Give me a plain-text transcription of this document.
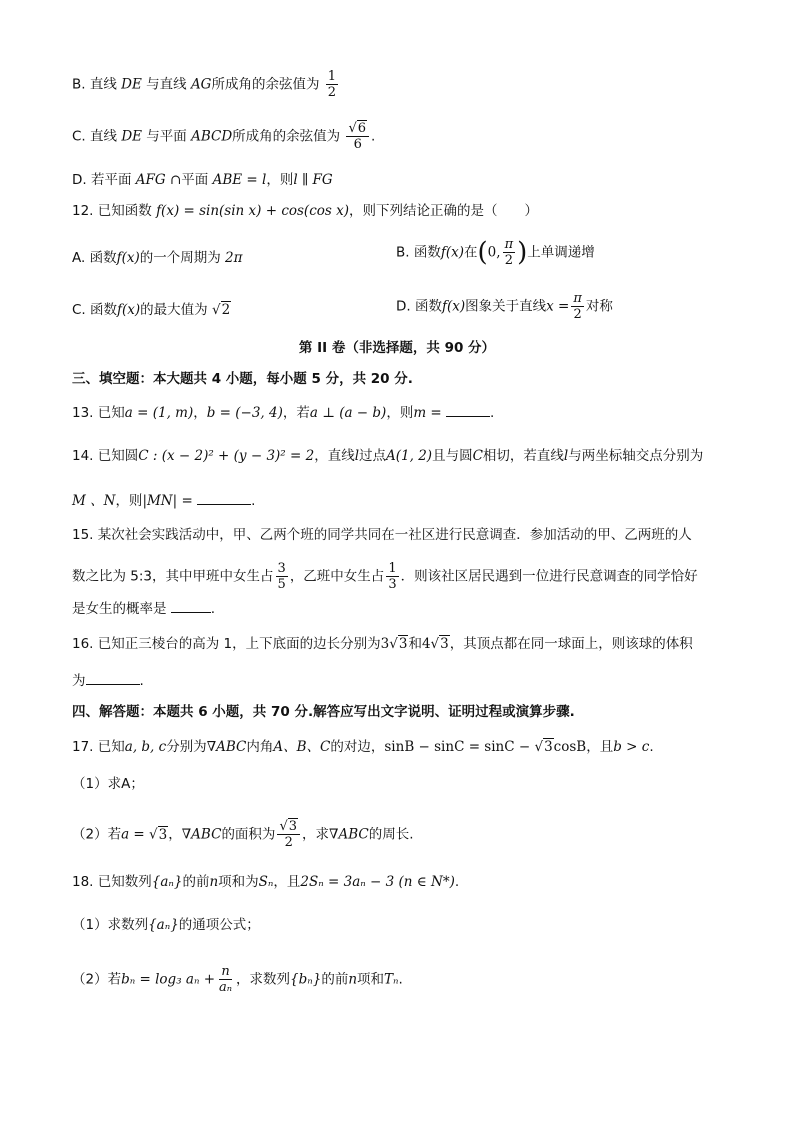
B. 直线 DE 与直线 AG所成角的余弦值为 $\frac{1}{2}$
C. 直线 DE 与平面 ABCD所成角的余弦值为 $\frac{√6}{6}$ .
D. 若平面 AFG ∩平面 ABE = l，则l ∥ FG
12. 已知函数 f(x) = sin(sin x) + cos(cos x)，则下列结论正确的是（　　）
A. 函数f(x)的一个周期为 2π	B. 函数f(x)在(0, $\frac{\pi}{2}$ )上单调递增
C. 函数f(x)的最大值为 √2	D. 函数f(x)图象关于直线$x = \frac{\pi}{2}$ 对称
第 II 卷（非选择题，共 90 分）
三、填空题：本大题共 4 小题，每小题 5 分，共 20 分.
13. 已知a = (1, m)，b = (−3, 4)，若a ⊥ (a − b)，则m =	.
14. 已知圆C : (x − 2)² + (y − 3)² = 2，直线l过点A(1, 2)且与圆C相切，若直线l与两坐标轴交点分别为
M 、N，则|MN| =	.
15. 某次社会实践活动中，甲、乙两个班的同学共同在一社区进行民意调查．参加活动的甲、乙两班的人
数之比为 5:3，其中甲班中女生占 $\frac{3}{5}$ ，乙班中女生占 $\frac{1}{3}$ ．则该社区居民遇到一位进行民意调查的同学恰好
是女生的概率是	.
16. 已知正三棱台的高为 1，上下底面的边长分别为3√3和4√3，其顶点都在同一球面上，则该球的体积
为	.
四、解答题：本题共 6 小题，共 70 分.解答应写出文字说明、证明过程或演算步骤.
17. 已知a, b, c分别为∇ABC内角A、B、C的对边，sinB − sinC = sinC − √3cosB，且b > c.
（1）求A；
（2）若a = √3，∇ABC的面积为 $\frac{√3}{2}$ ，求∇ABC的周长.
18. 已知数列{aₙ}的前n项和为Sₙ，且2Sₙ = 3aₙ − 3 (n ∈ N*).
（1）求数列{aₙ}的通项公式；
（2）若bₙ = log₃ $a_n + \frac{n}{\text{aₙ}}$ ，求数列{bₙ}的前n项和Tₙ.
